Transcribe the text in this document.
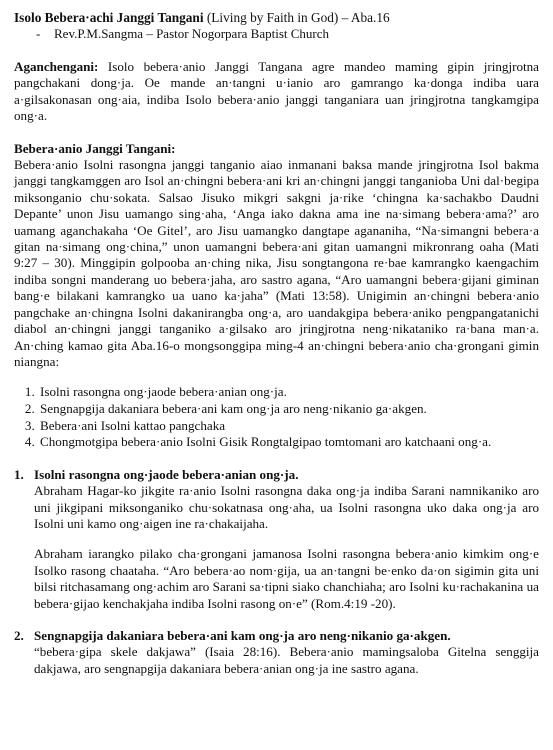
Isolo Bebera·achi Janggi Tangani (Living by Faith in God) – Aba.16

- Rev.P.M.Sangma – Pastor Nogorpara Baptist Church

Aganchengani: Isolo bebera·anio Janggi Tangana agre mandeo maming gipin jringjrotna pangchakani dong·ja. Oe mande an·tangni u·ianio aro gamrango ka·donga indiba uara a·gilsakonasan ong·aia, indiba Isolo bebera·anio janggi tanganiara uan jringjrotna tangkamgipa ong·a.

Bebera·anio Janggi Tangani:

Bebera·anio Isolni rasongna janggi tanganio aiao inmanani baksa mande jringjrotna Isol bakma janggi tangkamggen aro Isol an·chingni bebera·ani kri an·chingni janggi tanganioba Uni dal·begipa miksonganio chu·sokata. Salsao Jisuko mikgri sakgni ja·rike ‘chingna ka·sachakbo Daudni Depante’ unon Jisu uamango sing·aha, ‘Anga iako dakna ama ine na·simang bebera·ama?’ aro uamang aganchakaha ‘Oe Gitel’, aro Jisu uamangko dangtape agananiha, “Na·simangni bebera·a gitan na·simang ong·china,” unon uamangni bebera·ani gitan uamangni mikronrang oaha (Mati 9:27 – 30). Minggipin golpooba an·ching nika, Jisu songtangona re·bae kamrangko kaengachim indiba songni manderang uo bebera·jaha, aro sastro agana, “Aro uamangni bebera·gijani giminan bang·e bilakani kamrangko ua uano ka·jaha” (Mati 13:58). Unigimin an·chingni bebera·anio pangchake an·chingna Isolni dakanirangba ong·a, aro uandakgipa bebera·aniko pengpangatanichi diabol an·chingni janggi tanganiko a·gilsako aro jringjrotna neng·nikataniko ra·bana man·a. An·ching kamao gita Aba.16-o mongsonggipa ming-4 an·chingni bebera·anio cha·grongani gimin niangna:

1. Isolni rasongna ong·jaode bebera·anian ong·ja.
2. Sengnapgija dakaniara bebera·ani kam ong·ja aro neng·nikanio ga·akgen.
3. Bebera·ani Isolni kattao pangchaka
4. Chongmotgipa bebera·anio Isolni Gisik Rongtalgipao tomtomani aro katchaani ong·a.

1. Isolni rasongna ong·jaode bebera·anian ong·ja.

Abraham Hagar-ko jikgite ra·anio Isolni rasongna daka ong·ja indiba Sarani namnikaniko aro uni jikgipani miksonganiko chu·sokatnasa ong·aha, ua Isolni rasongna uko daka ong·ja aro Isolni uni kamo ong·aigen ine ra·chakaijaha.

Abraham iarangko pilako cha·grongani jamanosa Isolni rasongna bebera·anio kimkim ong·e Isolko rasong chaataha. “Aro bebera·ao nom·gija, ua an·tangni be·enko da·on sigimin gita uni bilsi ritchasamang ong·achim aro Sarani sa·tipni siako chanchiaha; aro Isolni ku·rachakanina ua bebera·gijao kenchakjaha indiba Isolni rasong on·e” (Rom.4:19 -20).

2. Sengnapgija dakaniara bebera·ani kam ong·ja aro neng·nikanio ga·akgen.

“bebera·gipa skele dakjawa” (Isaia 28:16). Bebera·anio mamingsaloba Gitelna senggija dakjawa, aro sengnapgija dakaniara bebera·anian ong·ja ine sastro agana.
